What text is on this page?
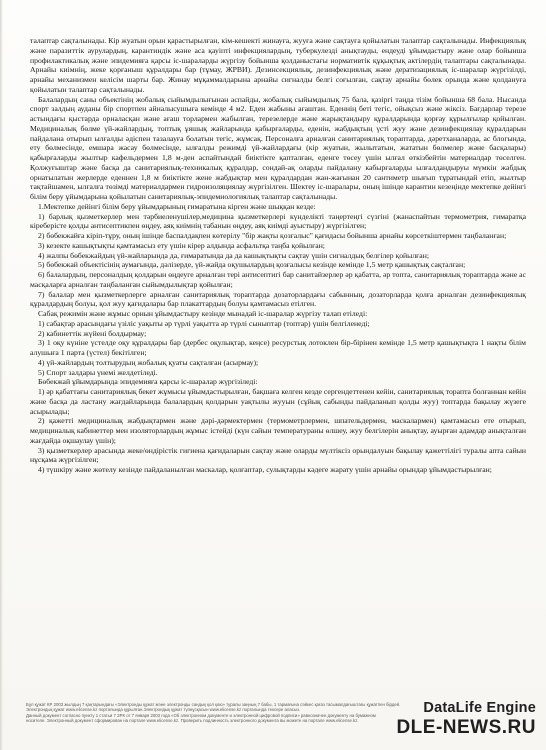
талаптар сақталынады. Кір жуатын орын қарастырылған, кім-кешекті жинауға, жууға және сақтауға қойылатын талаптар сақталынады. Инфекциялық және паразиттік аурулардың, карантиндік және аса қауіпті инфекциялардың, туберкулезді анықтауды, ендеуді ұйымдастыру және олар бойынша профилактикалық және эпидемияға қарсы іс-шараларды жүргізу бойынша қолданыстағы нормативтік құқықтық актілердің талаптары сақталынады. Арнайы киімнің, жеке қорғаныш құралдары бар (тұмау, ЖРВИ). Дезинсекциялық, дезинфекциялық және дератизациялық іс-шаралар жүргізілді, арнайы механизмен келісім шарты бар. Жинау мұқаммалдарына арнайы сигналды белгі соғылған, сақтау арнайы бөлек орында және қолдануға қойылатын талаптар сақталынады.

Балалардың саны объектінің жобалық сыйымдылығынан аспайды, жобалық сыйымдылық 75 бала, қазіргі таңда тізім бойынша 68 бала. Нысанда спорт залдың ауданы бір спортпен айналысушыға кемінде 4 м2. Еден жабыны ағаштан. Еденнің беті тегіс, ойықсыз және жіксіз. Бағдарлар терезе астындағы қыстарда орналасқан және ағаш торлармен жабылған, терезелерде және жарықтандыру құралдарында қорғау құрылғылар қойылған. Медициналық бөлме үй-жайлардың, топтық ұяшық жайларында қабырғаларды, еденін, жабдықтың үсті жуу және дезинфекциялау құралдарын пайдалана отырып ылғалды әдіспен тазалауға болатын тегіс, жұмсақ. Персоналға арналған санитариялық тораптарда, дәретханаларда, ас блогында, ету бөлмесінде, емшара жасау бөлмесінде, ылғалды режимді үй-жайлардағы (кір жуатын, жылытатын, жататын бөлмелер және басқалары) қабырғаларды жылтыр кафельдермен 1,8 м-ден аспайтындай биіктікте қапталған, еденге төсеу үшін ылғал өткізбейтін материалдар төселген. Қолжуғыштар және басқа да санитариялық-техникалық құралдар, сондай-ақ оларды пайдалану кабырғаларды ылғалдандыруы мүмкін жабдық орнатылатын жерлерде еденнен 1,8 м биіктікте жене жабдықтар мен құралдардан жан-жағынан 20 сантиметр шығып тұратындай етіп, жылтыр тақтайшамен, ылғалға төзімді материалдармен гидроизоляциялау жүргізілген. Шектеу іс-шаралары, оның ішінде карантин кезеңінде мектепке дейінгі білім беру ұйымдарына қойылатын санитариялық-эпидемиологиялық талаптар сақталынады.

1.Мектепке дейінгі білім беру ұйымдарының ғимаратына кірген және шыққан кезде:

1) барлық қызметкерлер мен тәрбиеленушілер,медицина қызметкерлері күнделікті таңертеңгі сүзгіні (жанаспайтын термометрия, гимаратқа кіреберісте қолды антисептикпен өңдеу, аяқ киімнің табанын өңдеу, аяқ киімді ауыстыру) жүргізілген;

2) бөбекжайға кіріп-тұру, оның ішінде баспалдақпен көтерілу "бір жақты қозғалыс" қағидасы бойынша арнайы көрсеткіштермен таңбаланған;

3) кезекте кашықтықты қамтамасыз ету үшін кірер алдында асфальтқа таңба қойылған;

4) жалпы бөбекжайдың үй-жайларында да, ғимаратында да да кашықтықты сақтау үшін сигналдық белгілер қойылған;

5) бөбекжай объектісінің аумағында, дәлізерде, үй-жайда оқушылардың қозғалысы кезінде кемінде 1,5 метр қашықтық сақталған;

6) балалардың, персоналдың қолдарын өңдеуге арналған тері антисептигі бар санитайзерлер әр қабатта, әр топта, санитариялық тораптарда және ас масқаларға арналған таңбаланған сыйымдылықтар қойылған;

7) балалар мен қызметкерлерге арналған санитариялық тораптарда дозаторлардағы сабынның, дозаторларда қолға арналған дезинфекциялық құралдардың болуы, қол жуу қағидалары бар плакаттардың болуы қамтамасыз етілген.

Сабақ режимін және жұмыс орнын ұйымдастыру кезінде мынадай іс-шаралар жүргізу талап етіледі:

1) сабақтар арасындағы үзіліс уақыты әр түрлі уақытта әр түрлі сыныптар (топтар) үшін белгіленеді;

2) кабинеттік жүйені болдырмау;

3) 1 оқу күніне үстелде оқу құралдары бар (дербес оқулықтар, кеңсе) ресурстық лотоклен бір-бірінен кемінде 1,5 метр қашықтықта 1 нақты білім алушыға 1 парта (үстел) бекітілген;

4) үй-жайлардың толтырудың жобалық қуаты сақталған (асырмау);

5) Спорт залдары үнемі желдетіледі.

Бөбекжай ұйымдарында эпидемияға қарсы іс-шаралар жүргізіледі:

1) әр қабаттағы санитариялық бекет жұмысы ұйымдастырылған, бақшаға келген кезде сергендеттенен кейін, санитариялық торапта болғаннан кейін және басқа да ластану жағдайларында балалардың қолдарын уақтылы жууын (сұйық сабынды пайдаланып қолды жуу) топтарда бақылау жүзеге асырылады;

2) қажетті медициналық жабдықтармен және дәрі-дәрмектермен (термометрлермен, шпательдермен, маскалармен) қамтамасыз ете отырып, медициналық кабинеттер мен изоляторлардың жұмыс істейді (күн сайын температураны өлшеу, жуу белгілерін анықтау, ауырған адамдар анықталған жағдайда оқшаулау үшін);

3) қызметкерлер арасында жеке/өндірістік гигиена қағидаларын сақтау және оларды мүлтіксіз орындалуын бақылау қажеттілігі туралы апта сайын нұсқама жүргізілген;

4) түшкіру және жөтелу кезінде пайдаланылған маскалар, қолғаптар, сулықтарды кәдеге жарату үшін арнайы орындар ұйымдастырылған;

Бұл құжат КР 2003 жылдың 7 қаңтарындағы «Электронды құжат және электронды сандық қол қою» туралы заңның 7 бабы, 1 тармағына сәйкес қағаз тасымалдағыштағы құжатпен бірдей.
Электрондық құжат www.elicense.kz порталында құрылған.Электрондық құжат түпнұсқасын www.elicense.kz порталында тексере аласыз.
Данный документ согласно пункту 1 статьи 7 ЗРК от 7 января 2003 года «Об электронном документе и электронной цифровой подписи» равнозначен документу на бумажном
носителе. Электронный документ сформирован на портале www.elicense.kz. Проверить подлинность электронного документа вы можете на портале www.elicense.kz.
DataLife Engine
DLE-NEWS.RU
